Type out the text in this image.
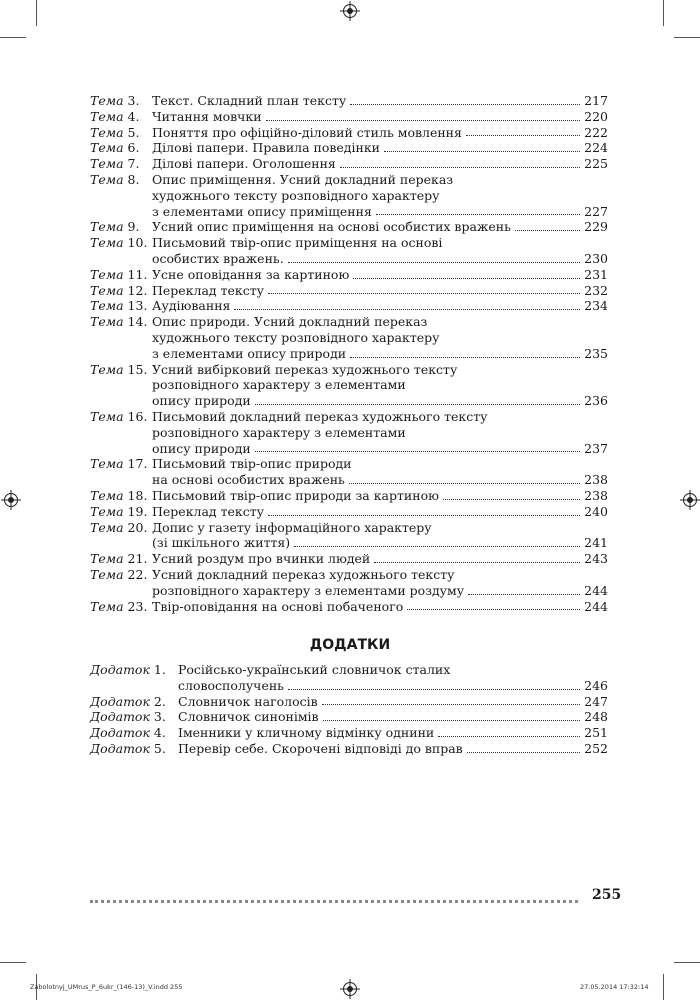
Тема 3. Текст. Складний план тексту	217
Тема 4. Читання мовчки	220
Тема 5. Поняття про офіційно-діловий стиль мовлення	222
Тема 6. Ділові папери. Правила поведінки	224
Тема 7. Ділові папери. Оголошення	225
Тема 8. Опис приміщення. Усний докладний переказ
художнього тексту розповідного характеру
з елементами опису приміщення	227
Тема 9. Усний опис приміщення на основі особистих вражень	229
Тема 10. Письмовий твір-опис приміщення на основі
особистих вражень.	230
Тема 11. Усне оповідання за картиною	231
Тема 12. Переклад тексту	232
Тема 13. Аудіювання	234
Тема 14. Опис природи. Усний докладний переказ
художнього тексту розповідного характеру
з елементами опису природи	235
Тема 15. Усний вибірковий переказ художнього тексту
розповідного характеру з елементами
опису природи	236
Тема 16. Письмовий докладний переказ художнього тексту
розповідного характеру з елементами
опису природи	237
Тема 17. Письмовий твір-опис природи
на основі особистих вражень	238
Тема 18. Письмовий твір-опис природи за картиною	238
Тема 19. Переклад тексту	240
Тема 20. Допис у газету інформаційного характеру
(зі шкільного життя)	241
Тема 21. Усний роздум про вчинки людей	243
Тема 22. Усний докладний переказ художнього тексту
розповідного характеру з елементами роздуму	244
Тема 23. Твір-оповідання на основі побаченого	244
ДОДАТКИ
Додаток 1. Російсько-український словничок сталих
словосполучень	246
Додаток 2. Словничок наголосів	247
Додаток 3. Словничок синонімів	248
Додаток 4. Іменники у кличному відмінку однини	251
Додаток 5. Перевір себе. Скорочені відповіді до вправ	252
255
Zabolotnyj_UMrus_P_6ukr_(146-13)_V.indd 255	27.05.2014 17:32:14
